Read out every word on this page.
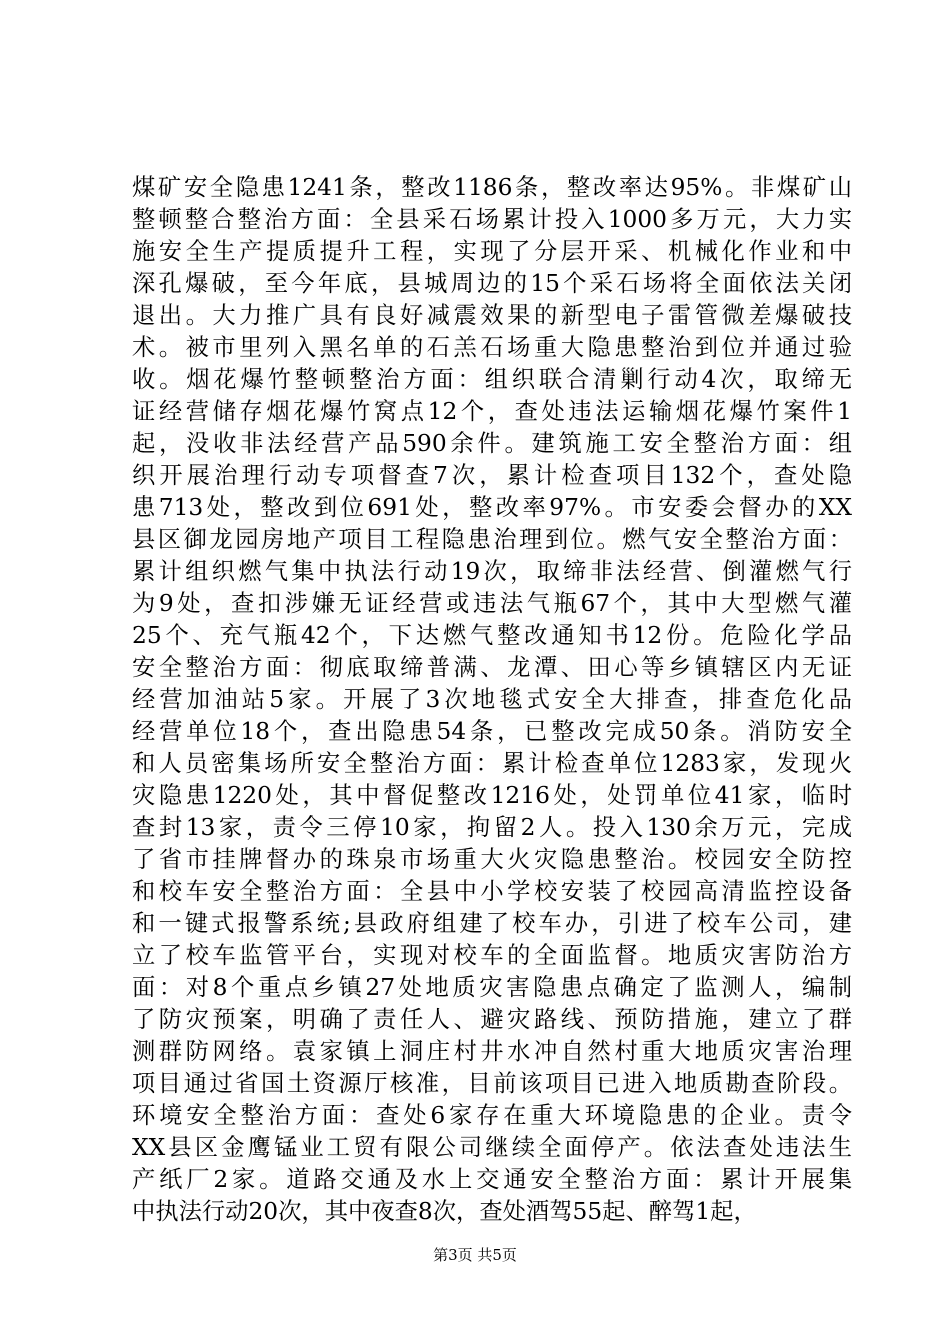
煤矿安全隐患1241条，整改1186条，整改率达95%。非煤矿山
整顿整合整治方面：全县采石场累计投入1000多万元，大力实
施安全生产提质提升工程，实现了分层开采、机械化作业和中
深孔爆破，至今年底，县城周边的15个采石场将全面依法关闭
退出。大力推广具有良好减震效果的新型电子雷管微差爆破技
术。被市里列入黑名单的石羔石场重大隐患整治到位并通过验
收。烟花爆竹整顿整治方面：组织联合清剿行动4次，取缔无
证经营储存烟花爆竹窝点12个，查处违法运输烟花爆竹案件1
起，没收非法经营产品590余件。建筑施工安全整治方面：组
织开展治理行动专项督查7次，累计检查项目132个，查处隐
患713处，整改到位691处，整改率97%。市安委会督办的XX
县区御龙园房地产项目工程隐患治理到位。燃气安全整治方面：
累计组织燃气集中执法行动19次，取缔非法经营、倒灌燃气行
为9处，查扣涉嫌无证经营或违法气瓶67个，其中大型燃气灌
25个、充气瓶42个，下达燃气整改通知书12份。危险化学品
安全整治方面：彻底取缔普满、龙潭、田心等乡镇辖区内无证
经营加油站5家。开展了3次地毯式安全大排查，排查危化品
经营单位18个，查出隐患54条，已整改完成50条。消防安全
和人员密集场所安全整治方面：累计检查单位1283家，发现火
灾隐患1220处，其中督促整改1216处，处罚单位41家，临时
查封13家，责令三停10家，拘留2人。投入130余万元，完成
了省市挂牌督办的珠泉市场重大火灾隐患整治。校园安全防控
和校车安全整治方面：全县中小学校安装了校园高清监控设备
和一键式报警系统;县政府组建了校车办，引进了校车公司，建
立了校车监管平台，实现对校车的全面监督。地质灾害防治方
面：对8个重点乡镇27处地质灾害隐患点确定了监测人，编制
了防灾预案，明确了责任人、避灾路线、预防措施，建立了群
测群防网络。袁家镇上洞庄村井水冲自然村重大地质灾害治理
项目通过省国土资源厅核准，目前该项目已进入地质勘查阶段。
环境安全整治方面：查处6家存在重大环境隐患的企业。责令
XX县区金鹰锰业工贸有限公司继续全面停产。依法查处违法生
产纸厂2家。道路交通及水上交通安全整治方面：累计开展集
中执法行动20次，其中夜查8次，查处酒驾55起、醉驾1起，
第3页 共5页
